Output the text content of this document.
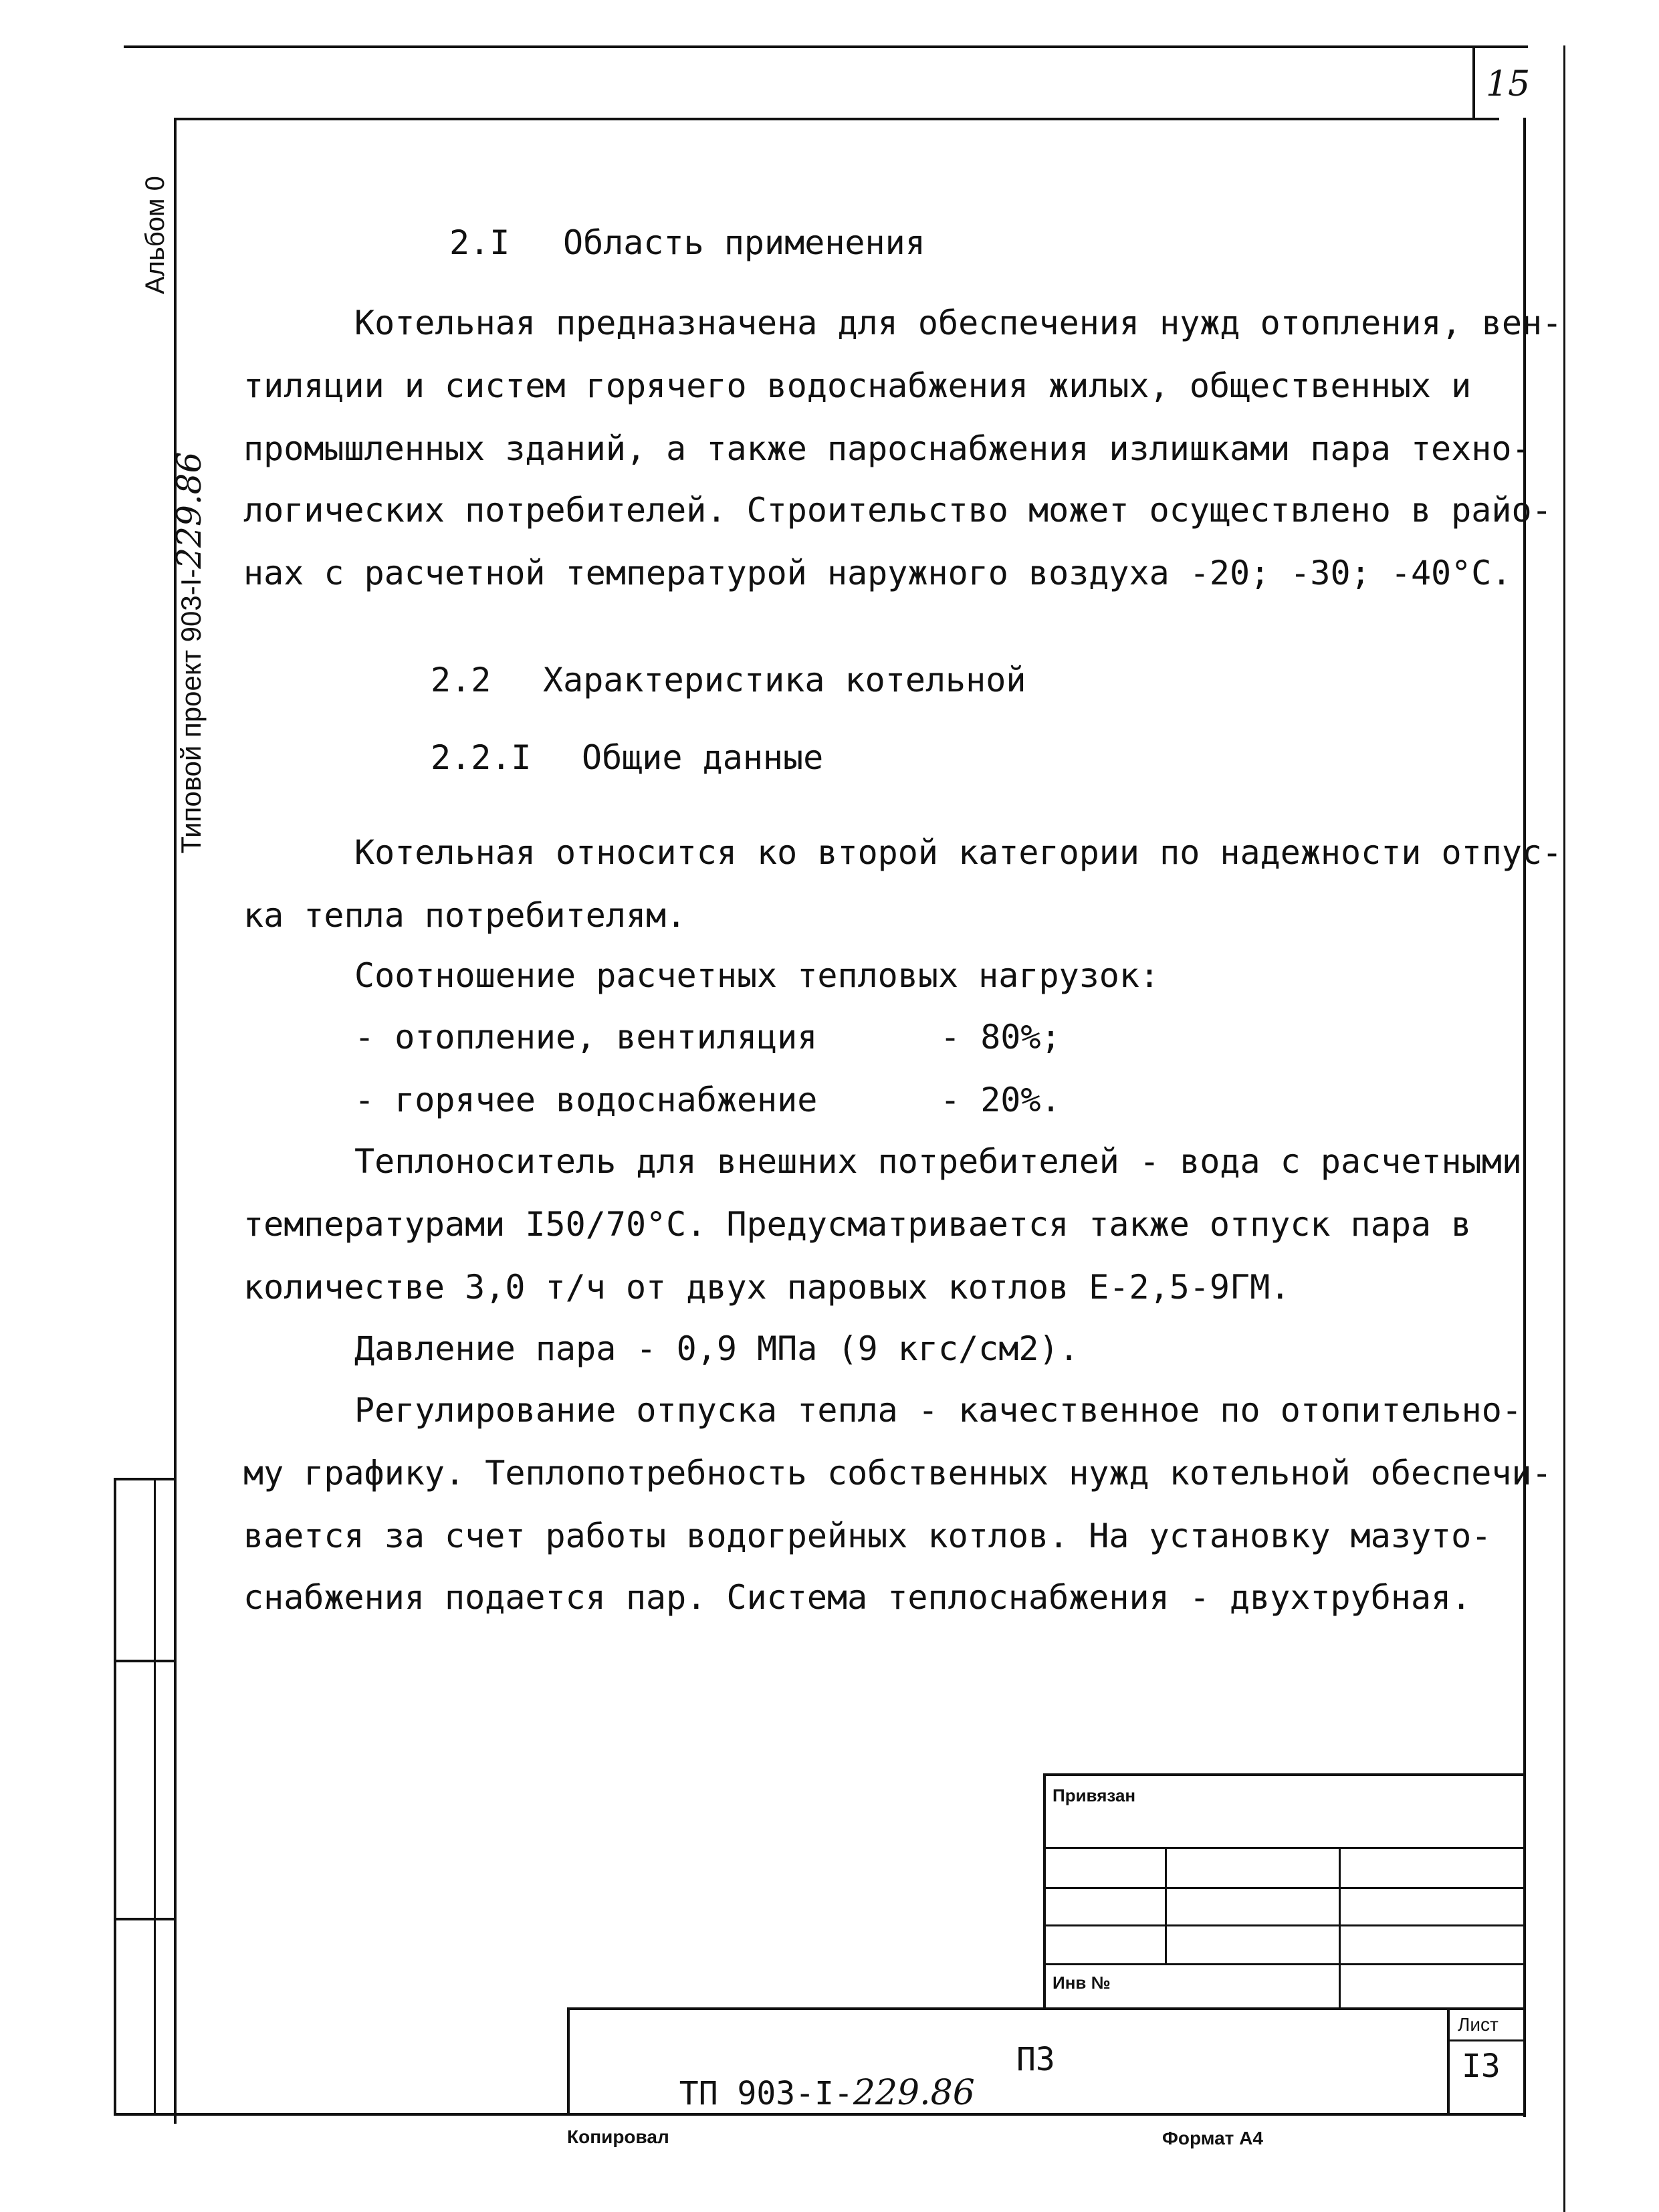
15
Альбом 0

Типовой проект 903-I-229.86

2.I Область применения
Котельная предназначена для обеспечения нужд отопления, вен-
тиляции и систем горячего водоснабжения жилых, общественных и
промышленных зданий, а также пароснабжения излишками пара техно-
логических потребителей. Строительство может осуществлено в райо-
нах с расчетной температурой наружного воздуха -20; -30; -40°С.
2.2 Характеристика котельной
2.2.I Общие данные
Котельная относится ко второй категории по надежности отпус-
ка тепла потребителям.
Соотношение расчетных тепловых нагрузок:
- отопление, вентиляция	- 80%;
- горячее водоснабжение	- 20%.
Теплоноситель для внешних потребителей - вода с расчетными
температурами I50/70°С. Предусматривается также отпуск пара в
количестве 3,0 т/ч от двух паровых котлов Е-2,5-9ГМ.
Давление пара - 0,9 МПа (9 кгс/см2).
Регулирование отпуска тепла - качественное по отопительно-
му графику. Теплопотребность собственных нужд котельной обеспечи-
вается за счет работы водогрейных котлов. На установку мазуто-
снабжения подается пар. Система теплоснабжения - двухтрубная.
Привязан
Инв №

ТП 903-I-229.86

ПЗ
Лист
I3
Копировал	Формат А4
